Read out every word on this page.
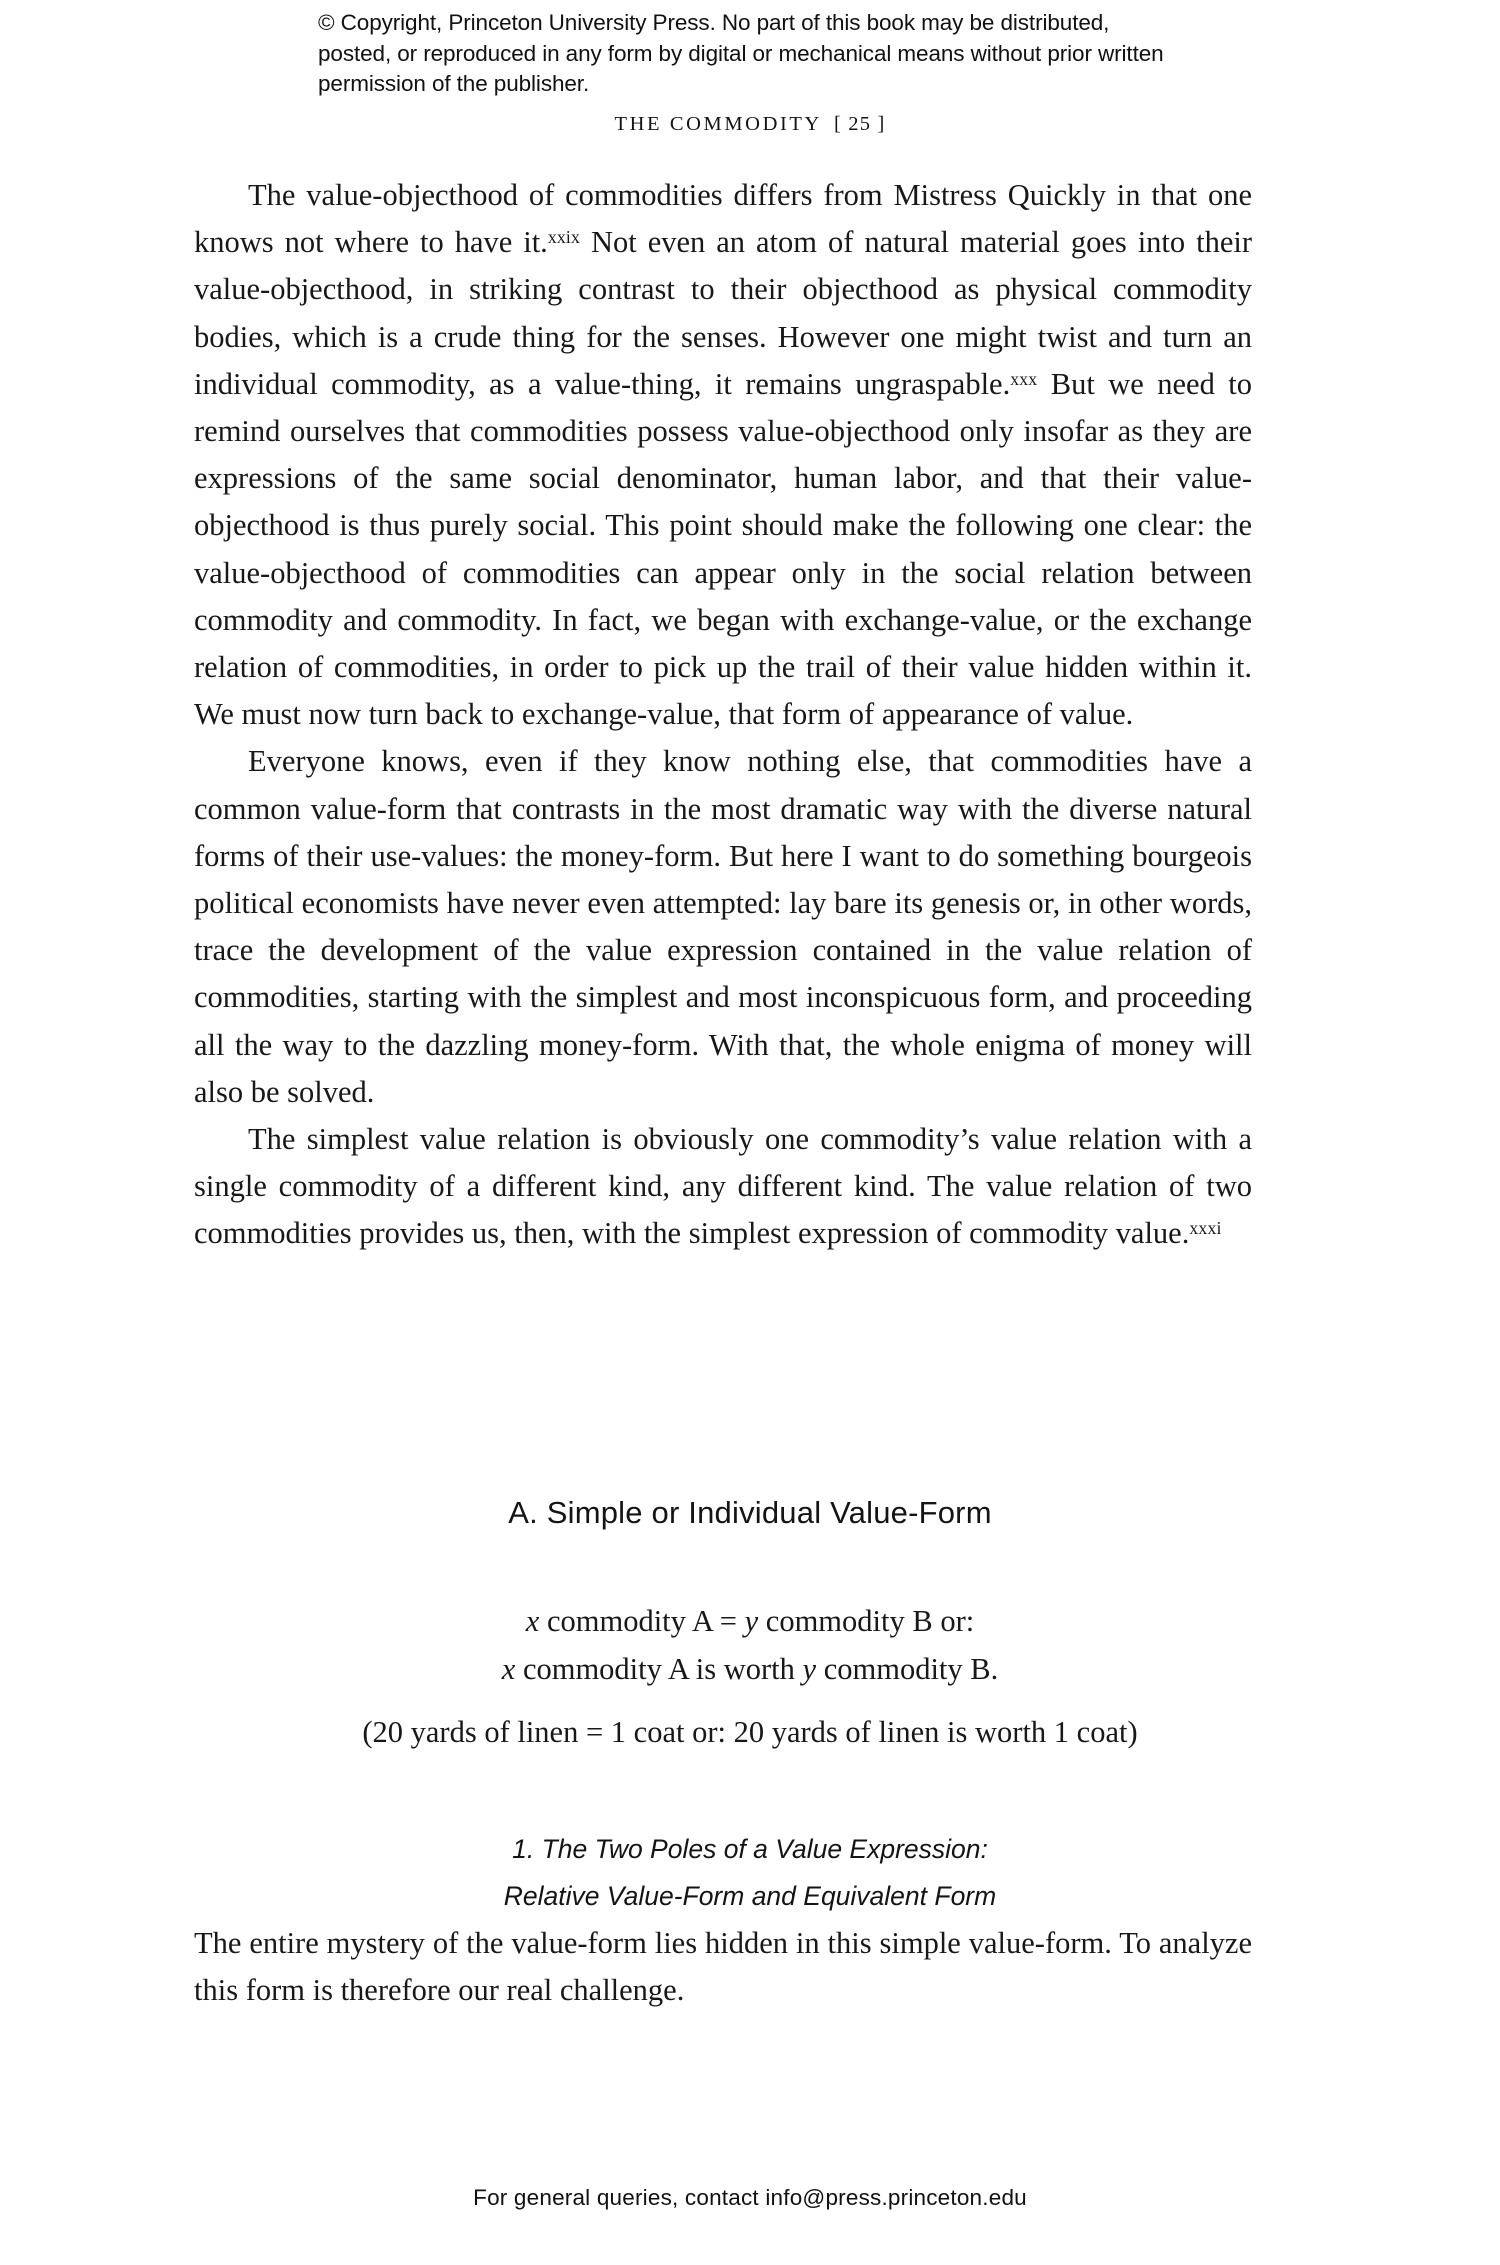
© Copyright, Princeton University Press. No part of this book may be distributed, posted, or reproduced in any form by digital or mechanical means without prior written permission of the publisher.
THE COMMODITY [ 25 ]

The value-objecthood of commodities differs from Mistress Quickly in that one knows not where to have it.$^{xxix}$ Not even an atom of natural material goes into their value-objecthood, in striking contrast to their objecthood as physical commodity bodies, which is a crude thing for the senses. However one might twist and turn an individual commodity, as a value-thing, it remains ungraspable.$^{xxx}$ But we need to remind ourselves that commodities possess value-objecthood only insofar as they are expressions of the same social denominator, human labor, and that their value-objecthood is thus purely social. This point should make the following one clear: the value-objecthood of commodities can appear only in the social relation between commodity and commodity. In fact, we began with exchange-value, or the exchange relation of commodities, in order to pick up the trail of their value hidden within it. We must now turn back to exchange-value, that form of appearance of value.

Everyone knows, even if they know nothing else, that commodities have a common value-form that contrasts in the most dramatic way with the diverse natural forms of their use-values: the money-form. But here I want to do something bourgeois political economists have never even attempted: lay bare its genesis or, in other words, trace the development of the value expression contained in the value relation of commodities, starting with the simplest and most inconspicuous form, and proceeding all the way to the dazzling money-form. With that, the whole enigma of money will also be solved.

The simplest value relation is obviously one commodity’s value relation with a single commodity of a different kind, any different kind. The value relation of two commodities provides us, then, with the simplest expression of commodity value.$^{xxxi}$

A. Simple or Individual Value-Form
x commodity A = y commodity B or:
x commodity A is worth y commodity B.
(20 yards of linen = 1 coat or: 20 yards of linen is worth 1 coat)
1. The Two Poles of a Value Expression:
Relative Value-Form and Equivalent Form

The entire mystery of the value-form lies hidden in this simple value-form. To analyze this form is therefore our real challenge.

For general queries, contact info@press.princeton.edu
